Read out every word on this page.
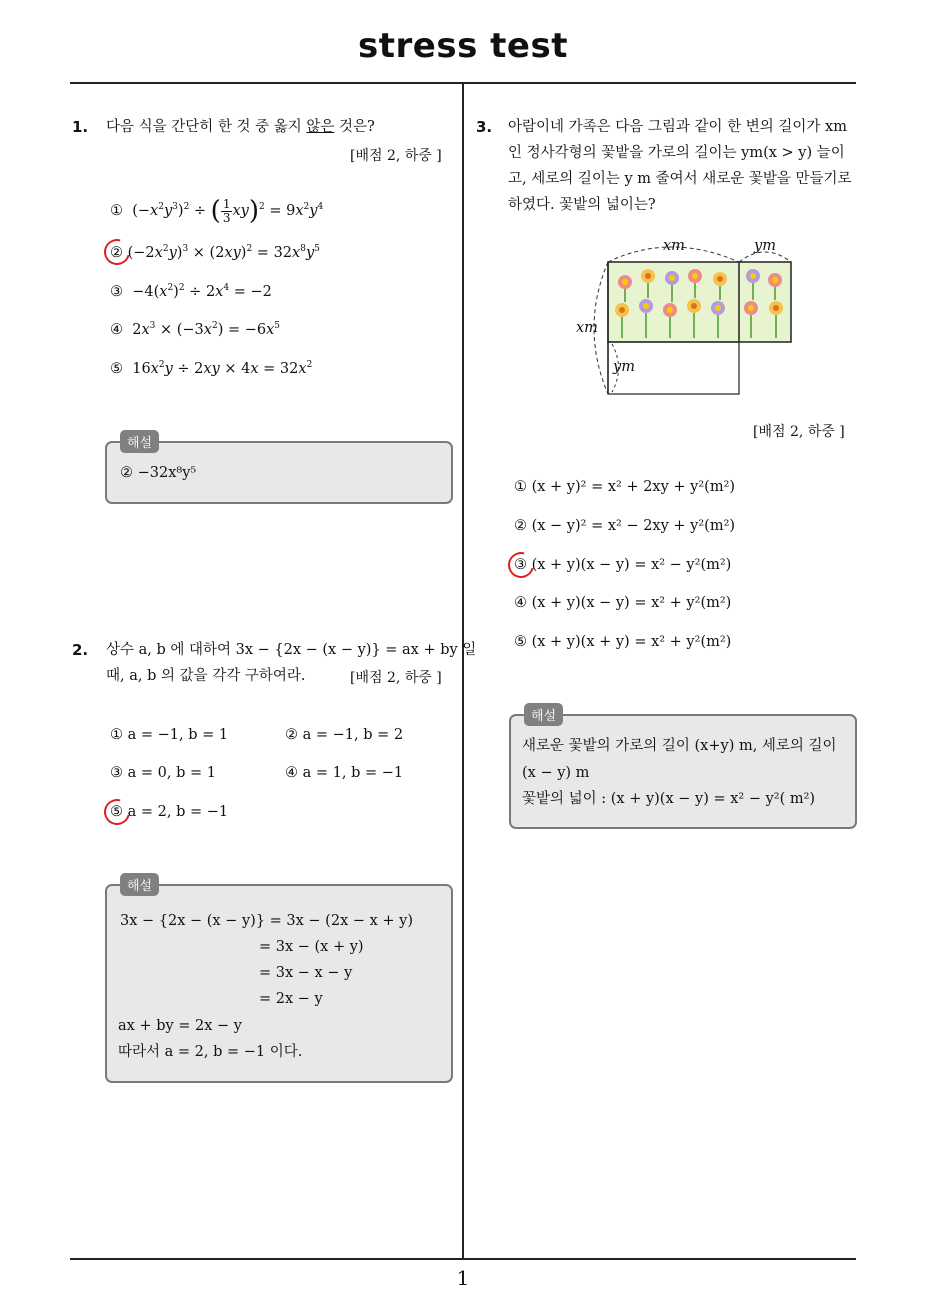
stress test
1
1. 다음 식을 간단히 한 것 중 옳지 않은 것은?
[배점 2, 하중 ]
①  $(-x^2y^3)^2$ ÷ ( $\frac{1}{3} xy)^2 = 9x^2y^4$
② $(-2x^2y)^3 \times (2xy)^2 = 32x^8y^5$
③  $-4(x^2)^2 \div 2x^4 = -2$
④  $2x^3 \times (-3x^2) = -6x^5$
⑤  $16x^2y \div 2xy \times 4x = 32x^2$
해설
② −32x⁸y⁵
2. 상수 a, b 에 대하여 3x − {2x − (x − y)} = ax + by 일
때, a, b 의 값을 각각 구하여라.	[배점 2, 하중 ]
① a = −1, b = 1	② a = −1, b = 2
③ a = 0, b = 1	④ a = 1, b = −1
⑤ a = 2, b = −1
해설
3x − {2x − (x − y)} = 3x − (2x − x + y)
= 3x − (x + y)
= 3x − x − y
= 2x − y
ax + by = 2x − y
따라서 a = 2, b = −1 이다.
3. 아람이네 가족은 다음 그림과 같이 한 변의 길이가 xm
인 정사각형의 꽃밭을 가로의 길이는 ym(x > y) 늘이
고, 세로의 길이는 y m 줄여서 새로운 꽃밭을 만들기로
하였다. 꽃밭의 넓이는?
xm	ym
xm
ym
[배점 2, 하중 ]
① (x + y)² = x² + 2xy + y²(m²)
② (x − y)² = x² − 2xy + y²(m²)
③ (x + y)(x − y) = x² − y²(m²)
④ (x + y)(x − y) = x² + y²(m²)
⑤ (x + y)(x + y) = x² + y²(m²)
해설
새로운 꽃밭의 가로의 길이 (x+y) m, 세로의 길이
(x − y) m
꽃밭의 넓이 : (x + y)(x − y) = x² − y²( m²)
